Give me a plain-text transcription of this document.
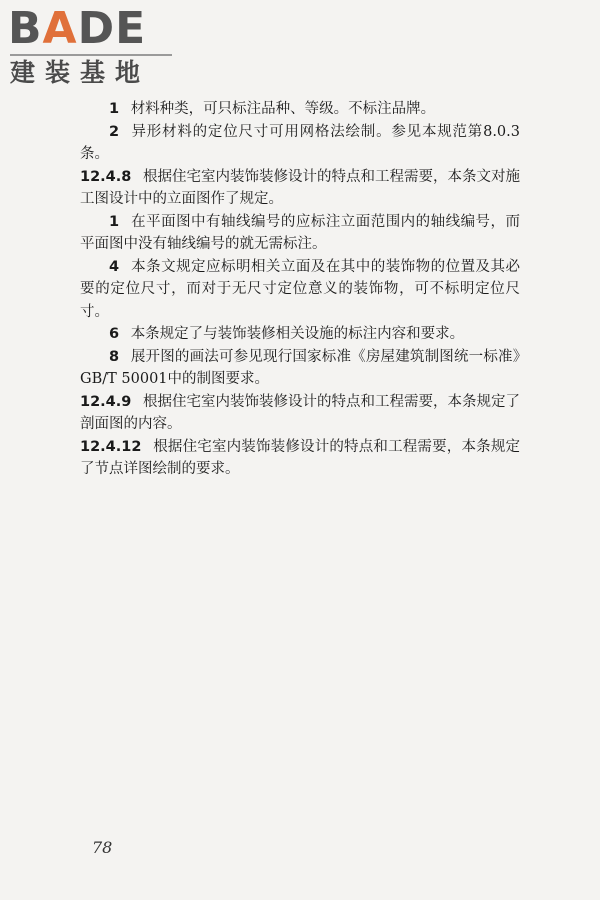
BADE
建装基地

1 材料种类，可只标注品种、等级。不标注品牌。

2 异形材料的定位尺寸可用网格法绘制。参见本规范第8.0.3条。

12.4.8 根据住宅室内装饰装修设计的特点和工程需要，本条文对施工图设计中的立面图作了规定。

1 在平面图中有轴线编号的应标注立面范围内的轴线编号，而平面图中没有轴线编号的就无需标注。

4 本条文规定应标明相关立面及在其中的装饰物的位置及其必要的定位尺寸，而对于无尺寸定位意义的装饰物，可不标明定位尺寸。

6 本条规定了与装饰装修相关设施的标注内容和要求。

8 展开图的画法可参见现行国家标准《房屋建筑制图统一标准》GB/T 50001中的制图要求。

12.4.9 根据住宅室内装饰装修设计的特点和工程需要，本条规定了剖面图的内容。

12.4.12 根据住宅室内装饰装修设计的特点和工程需要，本条规定了节点详图绘制的要求。

78
